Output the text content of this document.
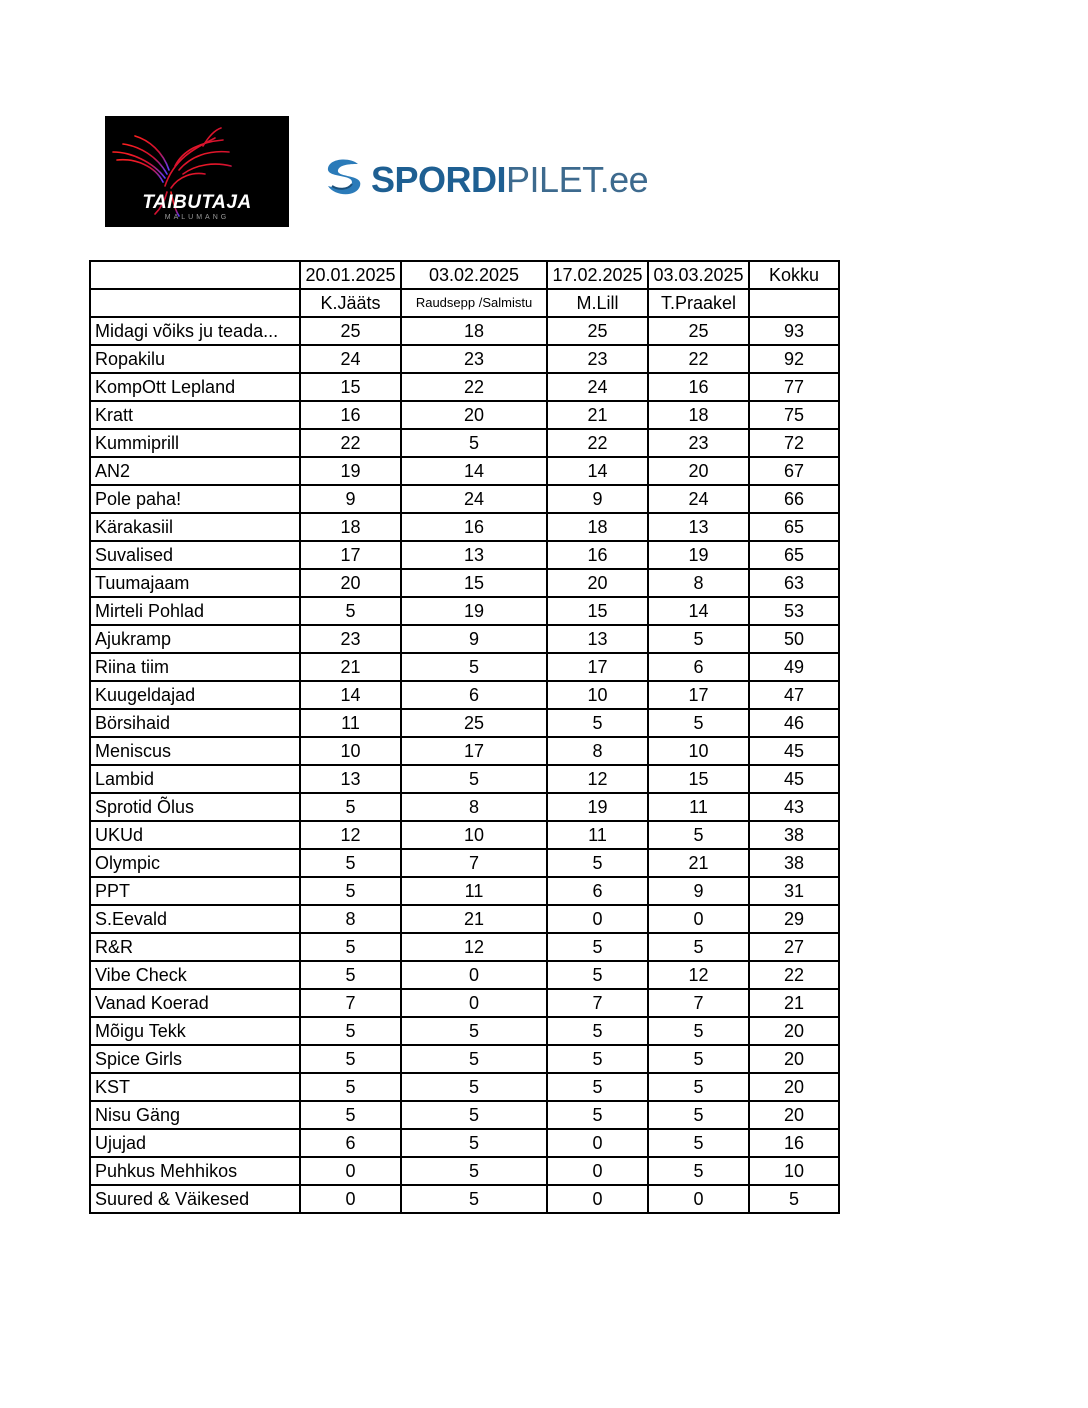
TAIBUTAJA
MALUMANG
SPORDIPILET.ee
	20.01.2025	03.02.2025	17.02.2025	03.03.2025	Kokku
	K.Jääts	Raudsepp /Salmistu	M.Lill	T.Praakel	
Midagi võiks ju teada...	25	18	25	25	93
Ropakilu	24	23	23	22	92
KompOtt Lepland	15	22	24	16	77
Kratt	16	20	21	18	75
Kummiprill	22	5	22	23	72
AN2	19	14	14	20	67
Pole paha!	9	24	9	24	66
Kärakasiil	18	16	18	13	65
Suvalised	17	13	16	19	65
Tuumajaam	20	15	20	8	63
Mirteli Pohlad	5	19	15	14	53
Ajukramp	23	9	13	5	50
Riina tiim	21	5	17	6	49
Kuugeldajad	14	6	10	17	47
Börsihaid	11	25	5	5	46
Meniscus	10	17	8	10	45
Lambid	13	5	12	15	45
Sprotid Õlus	5	8	19	11	43
UKUd	12	10	11	5	38
Olympic	5	7	5	21	38
PPT	5	11	6	9	31
S.Eevald	8	21	0	0	29
R&R	5	12	5	5	27
Vibe Check	5	0	5	12	22
Vanad Koerad	7	0	7	7	21
Mõigu Tekk	5	5	5	5	20
Spice Girls	5	5	5	5	20
KST	5	5	5	5	20
Nisu Gäng	5	5	5	5	20
Ujujad	6	5	0	5	16
Puhkus Mehhikos	0	5	0	5	10
Suured & Väikesed	0	5	0	0	5
